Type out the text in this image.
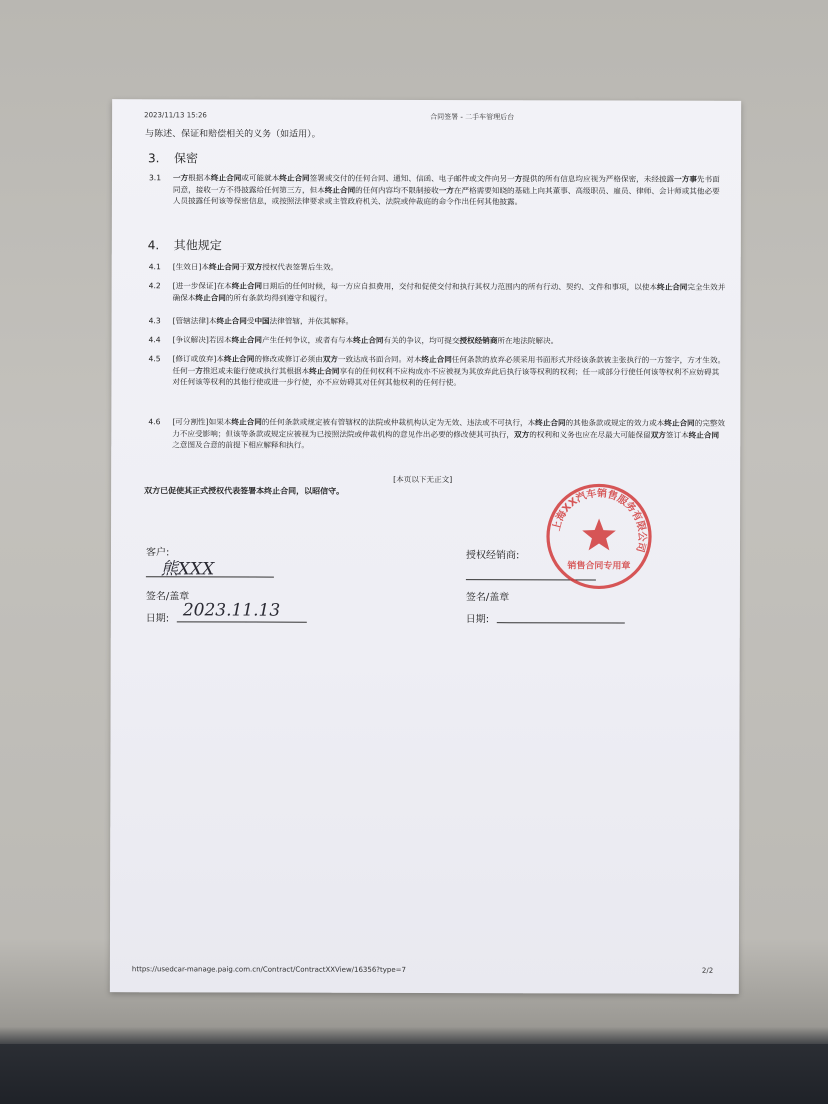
2023/11/13 15:26	合同签署 - 二手车管理后台
与陈述、保证和赔偿相关的义务（如适用）。
3. 保密
3.1 一方根据本终止合同或可能就本终止合同签署或交付的任何合同、通知、信函、电子邮件或文件向另一方提供的所有信息均应视为严格保密，未经披露一方事先书面同意，接收一方不得披露给任何第三方，但本终止合同的任何内容均不限制接收一方在严格需要知晓的基础上向其董事、高级职员、雇员、律师、会计师或其他必要人员披露任何该等保密信息，或按照法律要求或主管政府机关、法院或仲裁庭的命令作出任何其他披露。
4. 其他规定
4.1 [生效日]本终止合同于双方授权代表签署后生效。
4.2 [进一步保证]在本终止合同日期后的任何时候，每一方应自担费用，交付和促使交付和执行其权力范围内的所有行动、契约、文件和事项，以使本终止合同完全生效并确保本终止合同的所有条款均得到遵守和履行。
4.3 [管辖法律]本终止合同受中国法律管辖，并依其解释。
4.4 [争议解决]若因本终止合同产生任何争议，或者有与本终止合同有关的争议，均可提交授权经销商所在地法院解决。
4.5 [修订或放弃]本终止合同的修改或修订必须由双方一致达成书面合同。对本终止合同任何条款的放弃必须采用书面形式并经该条款被主张执行的一方签字，方才生效。任何一方推迟或未能行使或执行其根据本终止合同享有的任何权利不应构成亦不应被视为其放弃此后执行该等权利的权利；任一或部分行使任何该等权利不应妨碍其对任何该等权利的其他行使或进一步行使，亦不应妨碍其对任何其他权利的任何行使。
4.6 [可分割性]如果本终止合同的任何条款或规定被有管辖权的法院或仲裁机构认定为无效、违法或不可执行，本终止合同的其他条款或规定的效力或本终止合同的完整效力不应受影响；但该等条款或规定应被视为已按照法院或仲裁机构的意见作出必要的修改使其可执行，双方的权利和义务也应在尽最大可能保留双方签订本终止合同之意图及合意的前提下相应解释和执行。
[本页以下无正文]
双方已促使其正式授权代表签署本终止合同，以昭信守。
客户:
熊XXX
签名/盖章
日期: 2023.11.13
授权经销商:
签名/盖章
日期:
上海XX汽车销售服务有限公司
销售合同专用章
https://usedcar-manage.paig.com.cn/Contract/ContractXXView/16356?type=7	2/2
